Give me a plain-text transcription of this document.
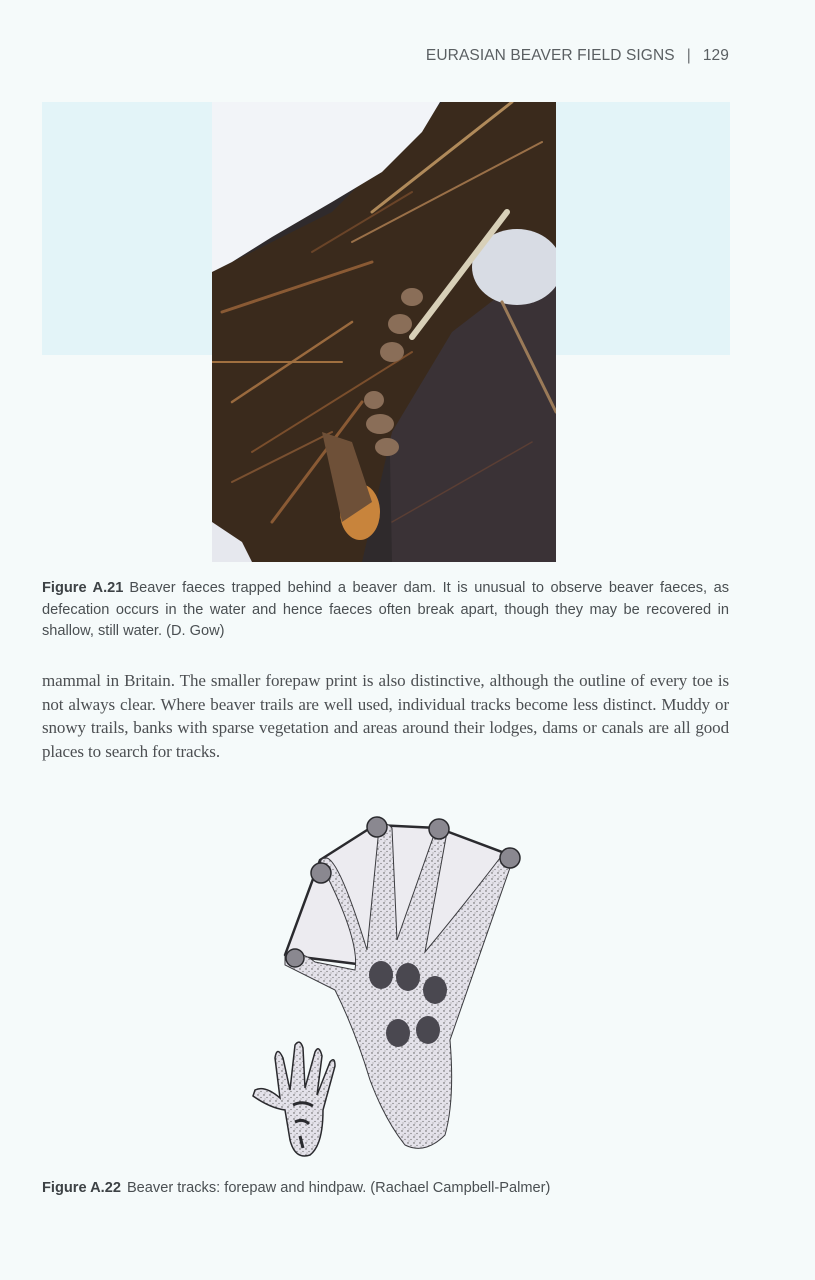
EURASIAN BEAVER FIELD SIGNS | 129
Figure A.21 Beaver faeces trapped behind a beaver dam. It is unusual to observe beaver faeces, as defecation occurs in the water and hence faeces often break apart, though they may be recovered in shallow, still water. (D. Gow)
mammal in Britain. The smaller forepaw print is also distinctive, although the outline of every toe is not always clear. Where beaver trails are well used, individual tracks become less distinct. Muddy or snowy trails, banks with sparse vegetation and areas around their lodges, dams or canals are all good places to search for tracks.
Figure A.22 Beaver tracks: forepaw and hindpaw. (Rachael Campbell-Palmer)
